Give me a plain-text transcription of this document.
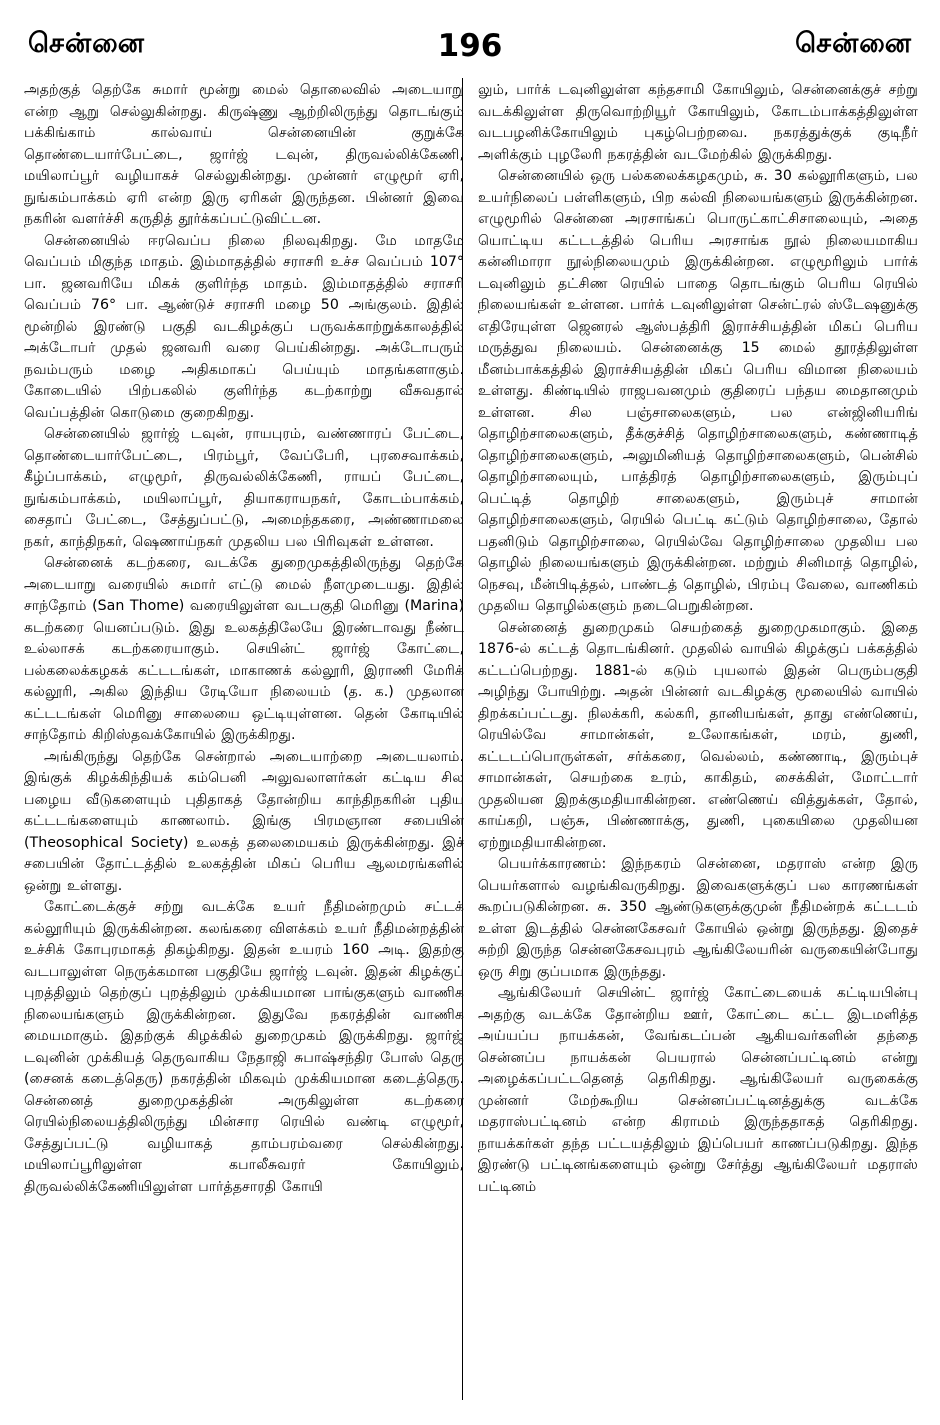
சென்னை	196	சென்னை

அதற்குத் தெற்கே சுமார் மூன்று மைல் தொலைவில் அடையாறு என்ற ஆறு செல்லுகின்றது. கிருஷ்ணு ஆற்றிலிருந்து தொடங்கும் பக்கிங்காம் கால்வாய் சென்னையின் குறுக்கே தொண்டையார்பேட்டை, ஜார்ஜ் டவுன், திருவல்லிக்கேணி, மயிலாப்பூர் வழியாகச் செல்லுகின்றது. முன்னர் எழுமூர் ஏரி, நுங்கம்பாக்கம் ஏரி என்ற இரு ஏரிகள் இருந்தன. பின்னர் இவை நகரின் வளர்ச்சி கருதித் தூர்க்கப்பட்டுவிட்டன.

சென்னையில் ஈரவெப்ப நிலை நிலவுகிறது. மே மாதமே வெப்பம் மிகுந்த மாதம். இம்மாதத்தில் சராசரி உச்ச வெப்பம் 107° பா. ஜனவரியே மிகக் குளிர்ந்த மாதம். இம்மாதத்தில் சராசரி வெப்பம் 76° பா. ஆண்டுச் சராசரி மழை 50 அங்குலம். இதில் மூன்றில் இரண்டு பகுதி வடகிழக்குப் பருவக்காற்றுக்காலத்தில் அக்டோபர் முதல் ஜனவரி வரை பெய்கின்றது. அக்டோபரும் நவம்பரும் மழை அதிகமாகப் பெய்யும் மாதங்களாகும். கோடையில் பிற்பகலில் குளிர்ந்த கடற்காற்று வீசுவதால் வெப்பத்தின் கொடுமை குறைகிறது.

சென்னையில் ஜார்ஜ் டவுன், ராயபுரம், வண்ணாரப் பேட்டை, தொண்டையார்பேட்டை, பிரம்பூர், வேப்பேரி, புரசைவாக்கம், கீழ்ப்பாக்கம், எழுமூர், திருவல்லிக்கேணி, ராயப் பேட்டை, நுங்கம்பாக்கம், மயிலாப்பூர், தியாகராயநகர், கோடம்பாக்கம், சைதாப் பேட்டை, சேத்துப்பட்டு, அமைந்தகரை, அண்ணாமலை நகர், காந்திநகர், ஷெணாய்நகர் முதலிய பல பிரிவுகள் உள்ளன.

சென்னைக் கடற்கரை, வடக்கே துறைமுகத்திலிருந்து தெற்கே அடையாறு வரையில் சுமார் எட்டு மைல் நீளமுடையது. இதில் சாந்தோம் (San Thome) வரையிலுள்ள வடபகுதி மெரினு (Marina) கடற்கரை யெனப்படும். இது உலகத்திலேயே இரண்டாவது நீண்ட உல்லாசக் கடற்கரையாகும். செயின்ட் ஜார்ஜ் கோட்டை, பல்கலைக்கழகக் கட்டடங்கள், மாகாணக் கல்லூரி, இராணி மேரிக் கல்லூரி, அகில இந்திய ரேடியோ நிலையம் (த. க.) முதலான கட்டடங்கள் மெரினு சாலையை ஒட்டியுள்ளன. தென் கோடியில் சாந்தோம் கிறிஸ்தவக்கோயில் இருக்கிறது.

அங்கிருந்து தெற்கே சென்றால் அடையாற்றை அடையலாம். இங்குக் கிழக்கிந்தியக் கம்பெனி அலுவலாளர்கள் கட்டிய சில பழைய வீடுகளையும் புதிதாகத் தோன்றிய காந்திநகரின் புதிய கட்டடங்களையும் காணலாம். இங்கு பிரமஞான சபையின் (Theosophical Society) உலகத் தலைமையகம் இருக்கின்றது. இச் சபையின் தோட்டத்தில் உலகத்தின் மிகப் பெரிய ஆலமரங்களில் ஒன்று உள்ளது.

கோட்டைக்குச் சற்று வடக்கே உயர் நீதிமன்றமும் சட்டக் கல்லூரியும் இருக்கின்றன. கலங்கரை விளக்கம் உயர் நீதிமன்றத்தின் உச்சிக் கோபுரமாகத் திகழ்கிறது. இதன் உயரம் 160 அடி. இதற்கு வடபாலுள்ள நெருக்கமான பகுதியே ஜார்ஜ் டவுன். இதன் கிழக்குப் புறத்திலும் தெற்குப் புறத்திலும் முக்கியமான பாங்குகளும் வாணிக நிலையங்களும் இருக்கின்றன. இதுவே நகரத்தின் வாணிக மையமாகும். இதற்குக் கிழக்கில் துறைமுகம் இருக்கிறது. ஜார்ஜ் டவுனின் முக்கியத் தெருவாகிய நேதாஜி சுபாஷ்சந்திர போஸ் தெரு (சைனக் கடைத்தெரு) நகரத்தின் மிகவும் முக்கியமான கடைத்தெரு. சென்னைத் துறைமுகத்தின் அருகிலுள்ள கடற்கரை ரெயில்நிலையத்திலிருந்து மின்சார ரெயில் வண்டி எழுமூர், சேத்துப்பட்டு வழியாகத் தாம்பரம்வரை செல்கின்றது. மயிலாப்பூரிலுள்ள கபாலீசுவரர் கோயிலும், திருவல்லிக்கேணியிலுள்ள பார்த்தசாரதி கோயி

லும், பார்க் டவுனிலுள்ள கந்தசாமி கோயிலும், சென்னைக்குச் சற்று வடக்கிலுள்ள திருவொற்றியூர் கோயிலும், கோடம்பாக்கத்திலுள்ள வடபழனிக்கோயிலும் புகழ்பெற்றவை. நகரத்துக்குக் குடிநீர் அளிக்கும் புழலேரி நகரத்தின் வடமேற்கில் இருக்கிறது.

சென்னையில் ஒரு பல்கலைக்கழகமும், சு. 30 கல்லூரிகளும், பல உயர்நிலைப் பள்ளிகளும், பிற கல்வி நிலையங்களும் இருக்கின்றன. எழுமூரில் சென்னை அரசாங்கப் பொருட்காட்சிசாலையும், அதை யொட்டிய கட்டடத்தில் பெரிய அரசாங்க நூல் நிலையமாகிய கன்னிமாரா நூல்நிலையமும் இருக்கின்றன. எழுமூரிலும் பார்க் டவுனிலும் தட்சிண ரெயில் பாதை தொடங்கும் பெரிய ரெயில் நிலையங்கள் உள்ளன. பார்க் டவுனிலுள்ள சென்ட்ரல் ஸ்டேஷனுக்கு எதிரேயுள்ள ஜெனரல் ஆஸ்பத்திரி இராச்சியத்தின் மிகப் பெரிய மருத்துவ நிலையம். சென்னைக்கு 15 மைல் தூரத்திலுள்ள மீனம்பாக்கத்தில் இராச்சியத்தின் மிகப் பெரிய விமான நிலையம் உள்ளது. கிண்டியில் ராஜபவனமும் குதிரைப் பந்தய மைதானமும் உள்ளன. சில பஞ்சாலைகளும், பல என்ஜினியரிங் தொழிற்சாலைகளும், தீக்குச்சித் தொழிற்சாலைகளும், கண்ணாடித் தொழிற்சாலைகளும், அலுமினியத் தொழிற்சாலைகளும், பென்சில் தொழிற்சாலையும், பாத்திரத் தொழிற்சாலைகளும், இரும்புப் பெட்டித் தொழிற் சாலைகளும், இரும்புச் சாமான் தொழிற்சாலைகளும், ரெயில் பெட்டி கட்டும் தொழிற்சாலை, தோல் பதனிடும் தொழிற்சாலை, ரெயில்வே தொழிற்சாலை முதலிய பல தொழில் நிலையங்களும் இருக்கின்றன. மற்றும் சினிமாத் தொழில், நெசவு, மீன்பிடித்தல், பாண்டத் தொழில், பிரம்பு வேலை, வாணிகம் முதலிய தொழில்களும் நடைபெறுகின்றன.

சென்னைத் துறைமுகம் செயற்கைத் துறைமுகமாகும். இதை 1876-ல் கட்டத் தொடங்கினர். முதலில் வாயில் கிழக்குப் பக்கத்தில் கட்டப்பெற்றது. 1881-ல் கடும் புயலால் இதன் பெரும்பகுதி அழிந்து போயிற்று. அதன் பின்னர் வடகிழக்கு மூலையில் வாயில் திறக்கப்பட்டது. நிலக்கரி, கல்கரி, தானியங்கள், தாது எண்ணெய், ரெயில்வே சாமான்கள், உலோகங்கள், மரம், துணி, கட்டடப்பொருள்கள், சர்க்கரை, வெல்லம், கண்ணாடி, இரும்புச் சாமான்கள், செயற்கை உரம், காகிதம், சைக்கிள், மோட்டார் முதலியன இறக்குமதியாகின்றன. எண்ணெய் வித்துக்கள், தோல், காய்கறி, பஞ்சு, பிண்ணாக்கு, துணி, புகையிலை முதலியன ஏற்றுமதியாகின்றன.

பெயர்க்காரணம்: இந்நகரம் சென்னை, மதராஸ் என்ற இரு பெயர்களால் வழங்கிவருகிறது. இவைகளுக்குப் பல காரணங்கள் கூறப்படுகின்றன. சு. 350 ஆண்டுகளுக்குமுன் நீதிமன்றக் கட்டடம் உள்ள இடத்தில் சென்னகேசவர் கோயில் ஒன்று இருந்தது. இதைச் சுற்றி இருந்த சென்னகேசவபுரம் ஆங்கிலேயரின் வருகையின்போது ஒரு சிறு குப்பமாக இருந்தது.

ஆங்கிலேயர் செயின்ட் ஜார்ஜ் கோட்டையைக் கட்டியபின்பு அதற்கு வடக்கே தோன்றிய ஊர், கோட்டை கட்ட இடமளித்த அய்யப்ப நாயக்கன், வேங்கடப்பன் ஆகியவர்களின் தந்தை சென்னப்ப நாயக்கன் பெயரால் சென்னப்பட்டினம் என்று அழைக்கப்பட்டதெனத் தெரிகிறது. ஆங்கிலேயர் வருகைக்கு முன்னர் மேற்கூறிய சென்னப்பட்டினத்துக்கு வடக்கே மதராஸ்பட்டினம் என்ற கிராமம் இருந்ததாகத் தெரிகிறது. நாயக்கர்கள் தந்த பட்டயத்திலும் இப்பெயர் காணப்படுகிறது. இந்த இரண்டு பட்டினங்களையும் ஒன்று சேர்த்து ஆங்கிலேயர் மதராஸ் பட்டினம்
